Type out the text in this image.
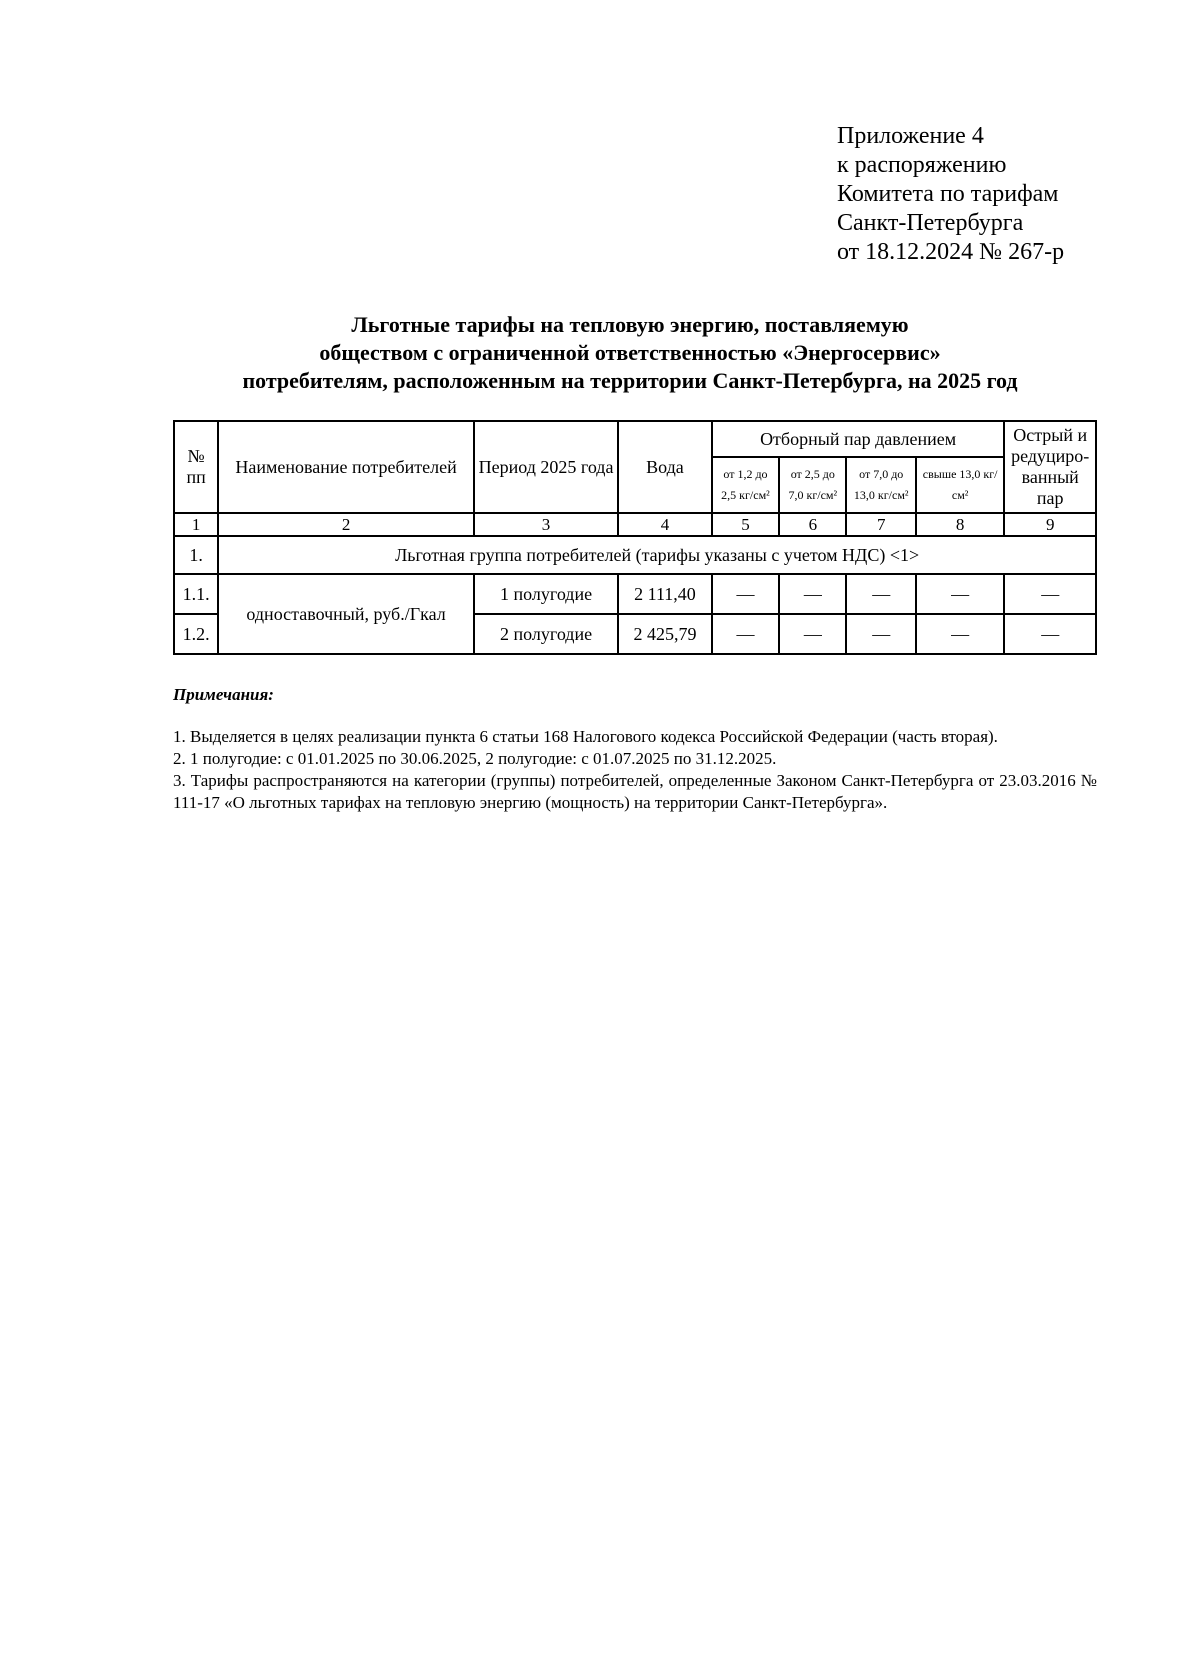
Приложение 4
к распоряжению
Комитета по тарифам
Санкт-Петербурга
от 18.12.2024 № 267-р
Льготные тарифы на тепловую энергию, поставляемую
обществом с ограниченной ответственностью «Энергосервис»
потребителям, расположенным на территории Санкт-Петербурга, на 2025 год
№ пп	Наименование потребителей	Период 2025 года	Вода	Отборный пар давлением				Острый и редуциро-ванный пар
				от 1,2 до 2,5 кг/см²	от 2,5 до 7,0 кг/см²	от 7,0 до 13,0 кг/см²	свыше 13,0 кг/см²	
1	2	3	4	5	6	7	8	9
1.	Льготная группа потребителей (тарифы указаны с учетом НДС) <1>							
1.1.	одноставочный, руб./Гкал	1 полугодие	2 111,40	—	—	—	—	—
1.2.		2 полугодие	2 425,79	—	—	—	—	—
Примечания:

1. Выделяется в целях реализации пункта 6 статьи 168 Налогового кодекса Российской Федерации (часть вторая).

2. 1 полугодие: с 01.01.2025 по 30.06.2025, 2 полугодие: с 01.07.2025 по 31.12.2025.

3. Тарифы распространяются на категории (группы) потребителей, определенные Законом Санкт-Петербурга от 23.03.2016 № 111-17 «О льготных тарифах на тепловую энергию (мощность) на территории Санкт-Петербурга».
